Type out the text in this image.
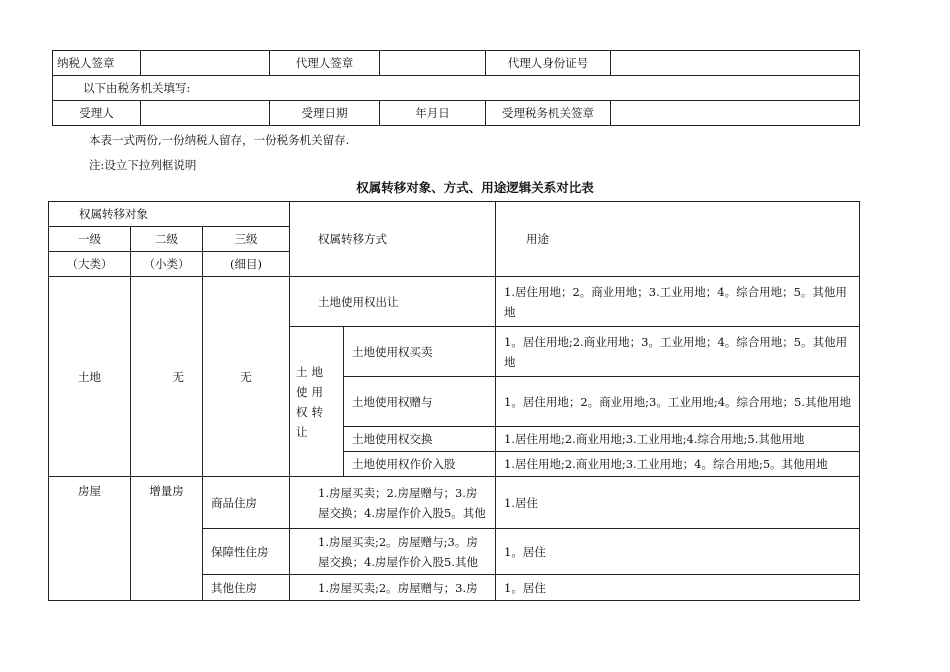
纳税人签章		代理人签章		代理人身份证号	
以下由税务机关填写:					
受理人		受理日期	年月日	受理税务机关签章	
本表一式两份,一份纳税人留存，一份税务机关留存.
注:设立下拉列框说明
权属转移对象、方式、用途逻辑关系对比表
权属转移对象			权属转移方式		用途
一级	二级	三级			
（大类）	（小类）	(细目)			
土地	无	无	土地使用权出让		1.居住用地；2。商业用地；3.工业用地；4。综合用地；5。其他用地
			土地使用权转让	土地使用权买卖	1。居住用地;2.商业用地；3。工业用地；4。综合用地；5。其他用地
				土地使用权赠与	1。居住用地；2。商业用地;3。工业用地;4。综合用地；5.其他用地
				土地使用权交换	1.居住用地;2.商业用地;3.工业用地;4.综合用地;5.其他用地
				土地使用权作价入股	1.居住用地;2.商业用地;3.工业用地；4。综合用地;5。其他用地
房屋	增量房	商品住房	1.房屋买卖；2.房屋赠与；3.房屋交换；4.房屋作价入股5。其他		1.居住
		保障性住房	1.房屋买卖;2。房屋赠与;3。房屋交换；4.房屋作价入股5.其他		1。居住
		其他住房	1.房屋买卖;2。房屋赠与；3.房		1。居住
